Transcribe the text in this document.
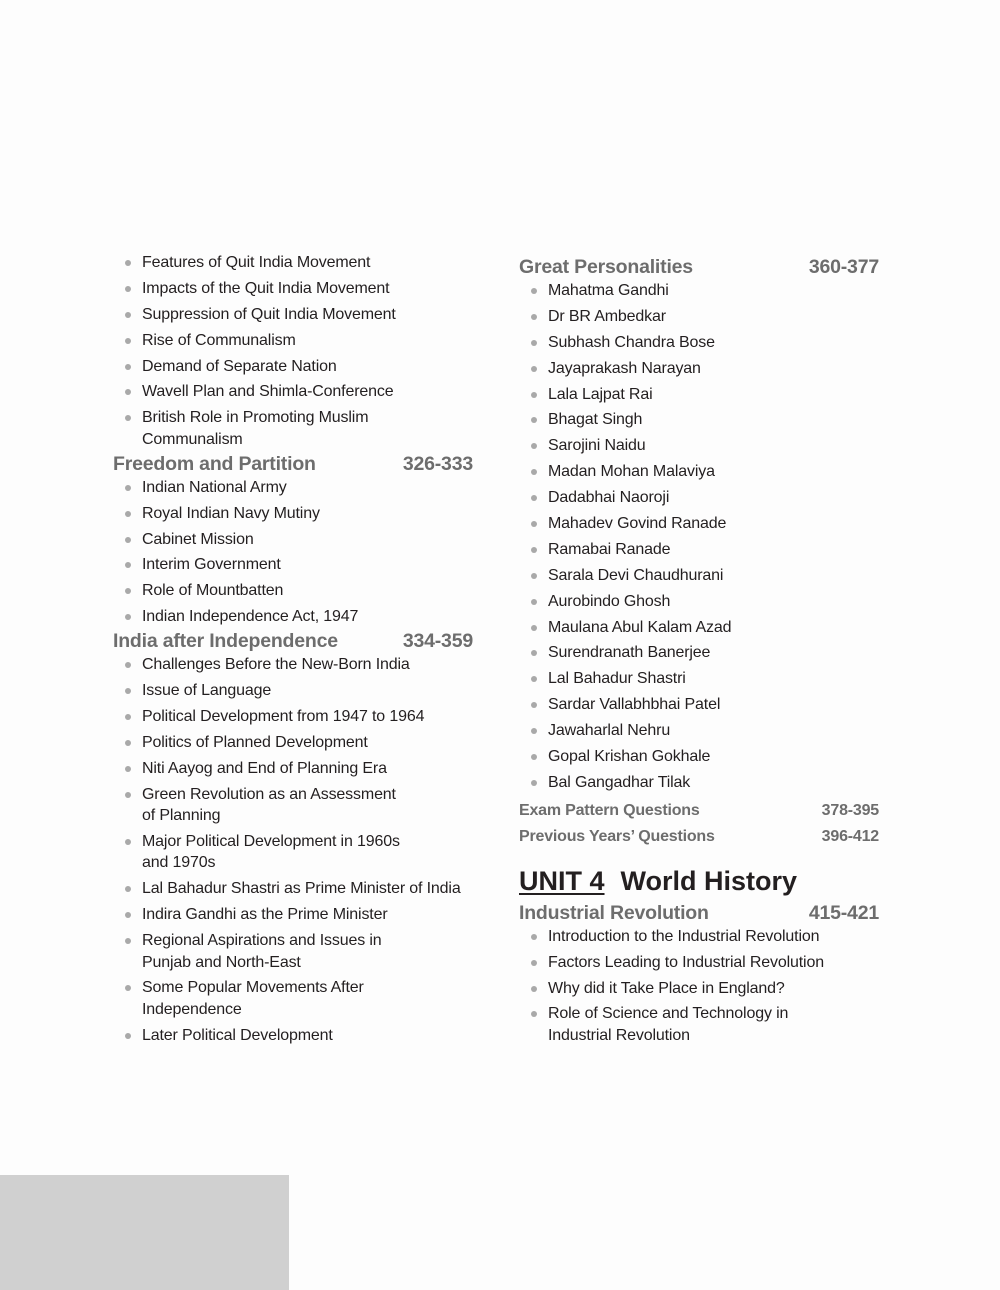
Features of Quit India Movement
Impacts of the Quit India Movement
Suppression of Quit India Movement
Rise of Communalism
Demand of Separate Nation
Wavell Plan and Shimla-Conference
British Role in Promoting Muslim Communalism
Freedom and Partition	326-333
Indian National Army
Royal Indian Navy Mutiny
Cabinet Mission
Interim Government
Role of Mountbatten
Indian Independence Act, 1947
India after Independence	334-359
Challenges Before the New-Born India
Issue of Language
Political Development from 1947 to 1964
Politics of Planned Development
Niti Aayog and End of Planning Era
Green Revolution as an Assessment of Planning
Major Political Development in 1960s and 1970s
Lal Bahadur Shastri as Prime Minister of India
Indira Gandhi as the Prime Minister
Regional Aspirations and Issues in Punjab and North-East
Some Popular Movements After Independence
Later Political Development
Great Personalities	360-377
Mahatma Gandhi
Dr BR Ambedkar
Subhash Chandra Bose
Jayaprakash Narayan
Lala Lajpat Rai
Bhagat Singh
Sarojini Naidu
Madan Mohan Malaviya
Dadabhai Naoroji
Mahadev Govind Ranade
Ramabai Ranade
Sarala Devi Chaudhurani
Aurobindo Ghosh
Maulana Abul Kalam Azad
Surendranath Banerjee
Lal Bahadur Shastri
Sardar Vallabhbhai Patel
Jawaharlal Nehru
Gopal Krishan Gokhale
Bal Gangadhar Tilak
Exam Pattern Questions	378-395
Previous Years’ Questions	396-412
UNIT 4 World History
Industrial Revolution	415-421
Introduction to the Industrial Revolution
Factors Leading to Industrial Revolution
Why did it Take Place in England?
Role of Science and Technology in Industrial Revolution
